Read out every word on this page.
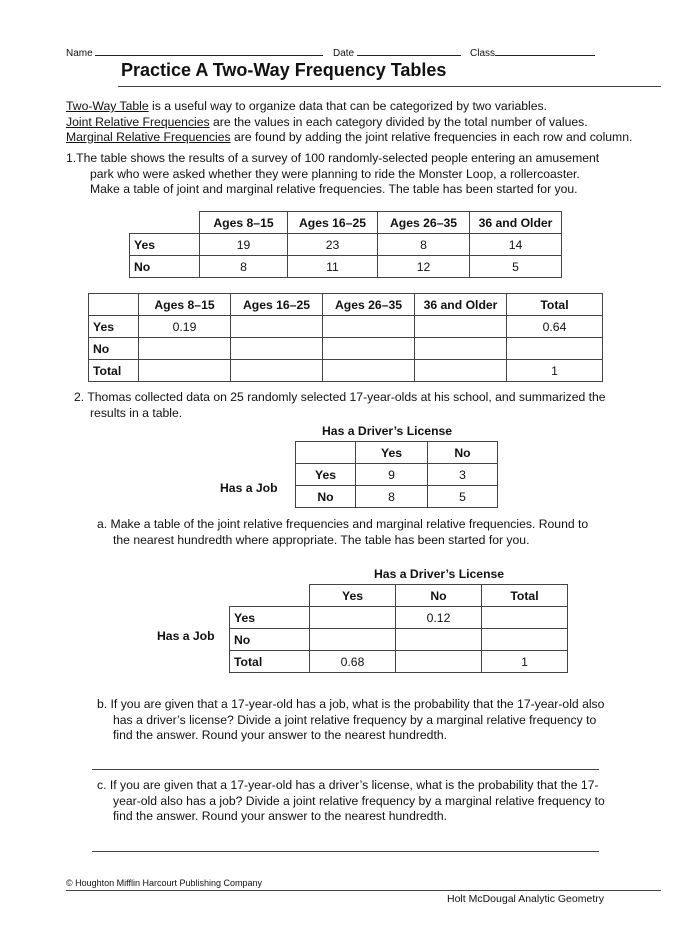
Name	Date	Class
Practice A Two-Way Frequency Tables
Two-Way Table is a useful way to organize data that can be categorized by two variables.
Joint Relative Frequencies are the values in each category divided by the total number of values.
Marginal Relative Frequencies are found by adding the joint relative frequencies in each row and column.
1.The table shows the results of a survey of 100 randomly-selected people entering an amusement
park who were asked whether they were planning to ride the Monster Loop, a rollercoaster.
Make a table of joint and marginal relative frequencies. The table has been started for you.
	Ages 8–15	Ages 16–25	Ages 26–35	36 and Older
Yes	19	23	8	14
No	8	11	12	5
	Ages 8–15	Ages 16–25	Ages 26–35	36 and Older	Total
Yes	0.19				0.64
No					
Total					1
2. Thomas collected data on 25 randomly selected 17-year-olds at his school, and summarized the
results in a table.
Has a Driver’s License
Has a Job
	Yes	No
Yes	9	3
No	8	5
a. Make a table of the joint relative frequencies and marginal relative frequencies. Round to
the nearest hundredth where appropriate. The table has been started for you.
Has a Driver’s License
Has a Job
	Yes	No	Total
Yes		0.12	
No			
Total	0.68		1
b. If you are given that a 17-year-old has a job, what is the probability that the 17-year-old also
has a driver’s license? Divide a joint relative frequency by a marginal relative frequency to
find the answer. Round your answer to the nearest hundredth.
c. If you are given that a 17-year-old has a driver’s license, what is the probability that the 17-
year-old also has a job? Divide a joint relative frequency by a marginal relative frequency to
find the answer. Round your answer to the nearest hundredth.
© Houghton Mifflin Harcourt Publishing Company
Holt McDougal Analytic Geometry
